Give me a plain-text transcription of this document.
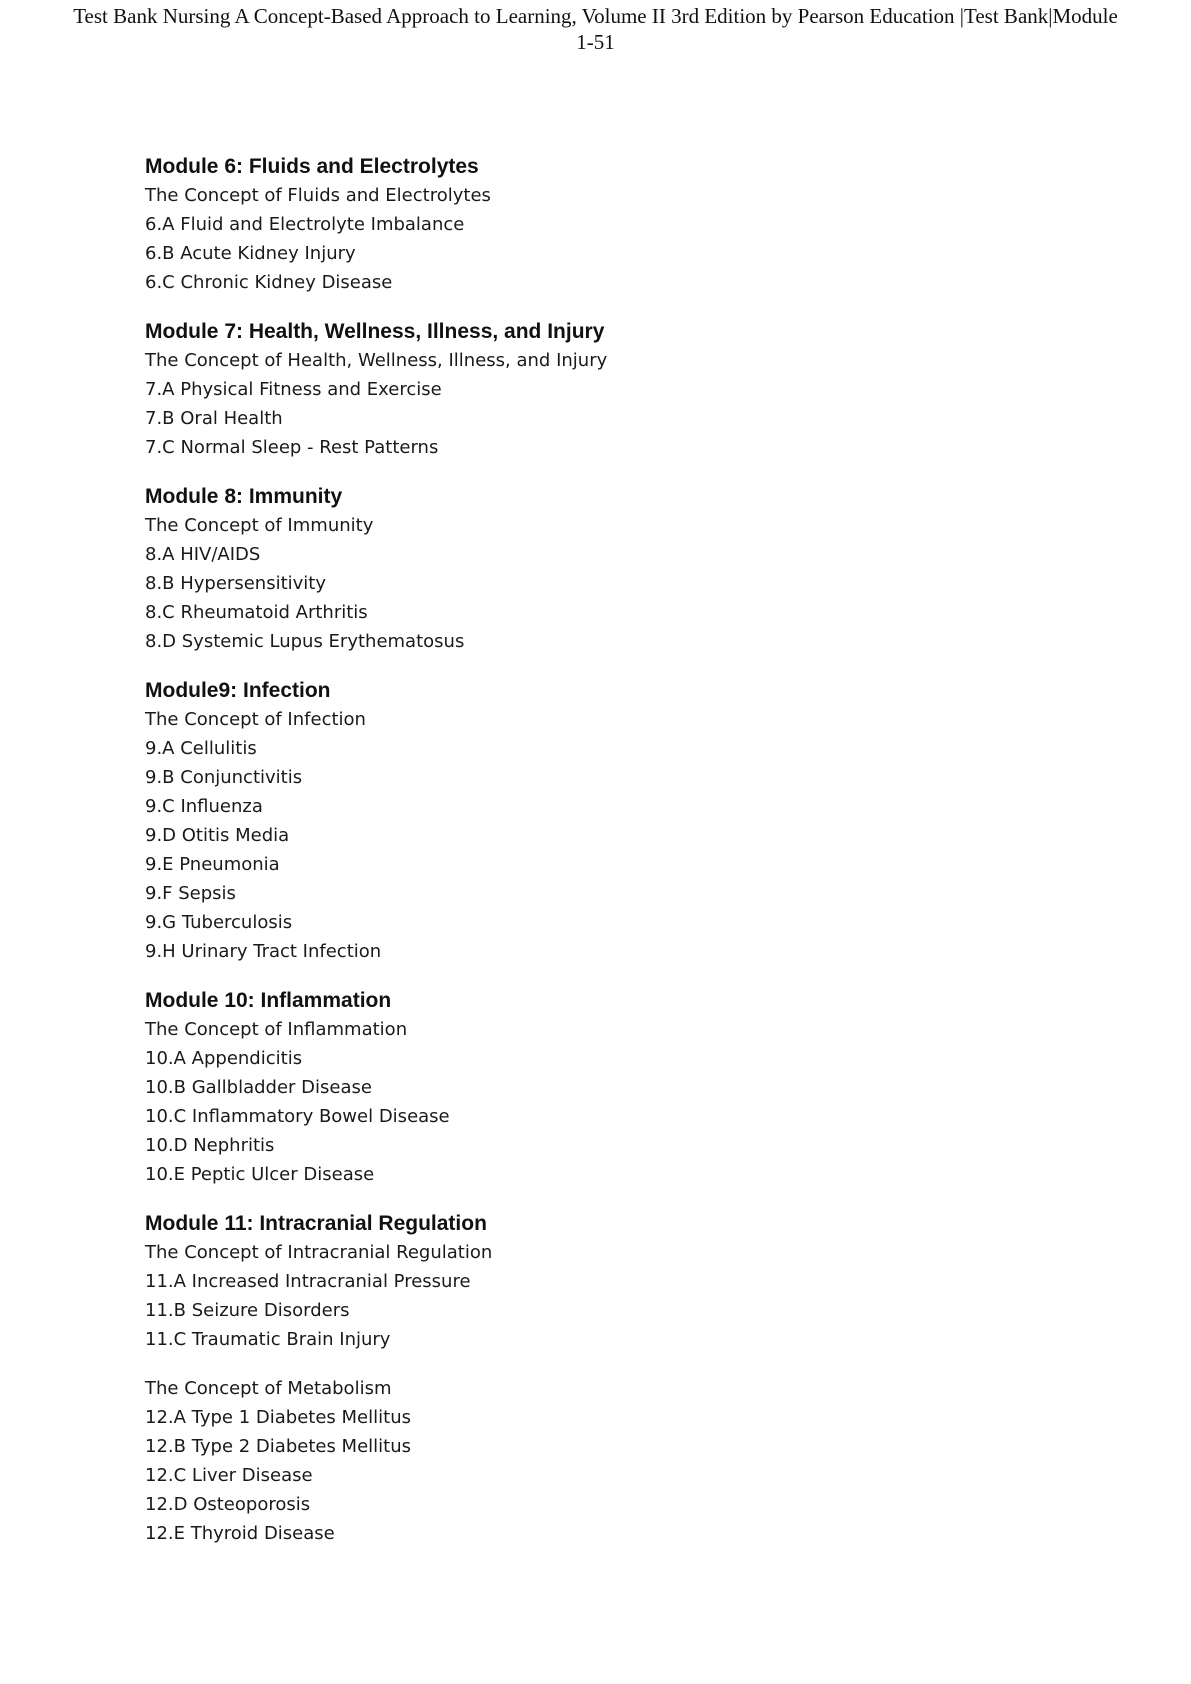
Test Bank Nursing A Concept-Based Approach to Learning, Volume II 3rd Edition by Pearson Education |Test Bank|Module
1-51
Module 6: Fluids and Electrolytes
The Concept of Fluids and Electrolytes
6.A Fluid and Electrolyte Imbalance
6.B Acute Kidney Injury
6.C Chronic Kidney Disease
Module 7: Health, Wellness, Illness, and Injury
The Concept of Health, Wellness, Illness, and Injury
7.A Physical Fitness and Exercise
7.B Oral Health
7.C Normal Sleep - Rest Patterns
Module 8: Immunity
The Concept of Immunity
8.A HIV/AIDS
8.B Hypersensitivity
8.C Rheumatoid Arthritis
8.D Systemic Lupus Erythematosus
Module9: Infection
The Concept of Infection
9.A Cellulitis
9.B Conjunctivitis
9.C Influenza
9.D Otitis Media
9.E Pneumonia
9.F Sepsis
9.G Tuberculosis
9.H Urinary Tract Infection
Module 10: Inflammation
The Concept of Inflammation
10.A Appendicitis
10.B Gallbladder Disease
10.C Inflammatory Bowel Disease
10.D Nephritis
10.E Peptic Ulcer Disease
Module 11: Intracranial Regulation
The Concept of Intracranial Regulation
11.A Increased Intracranial Pressure
11.B Seizure Disorders
11.C Traumatic Brain Injury
The Concept of Metabolism
12.A Type 1 Diabetes Mellitus
12.B Type 2 Diabetes Mellitus
12.C Liver Disease
12.D Osteoporosis
12.E Thyroid Disease
